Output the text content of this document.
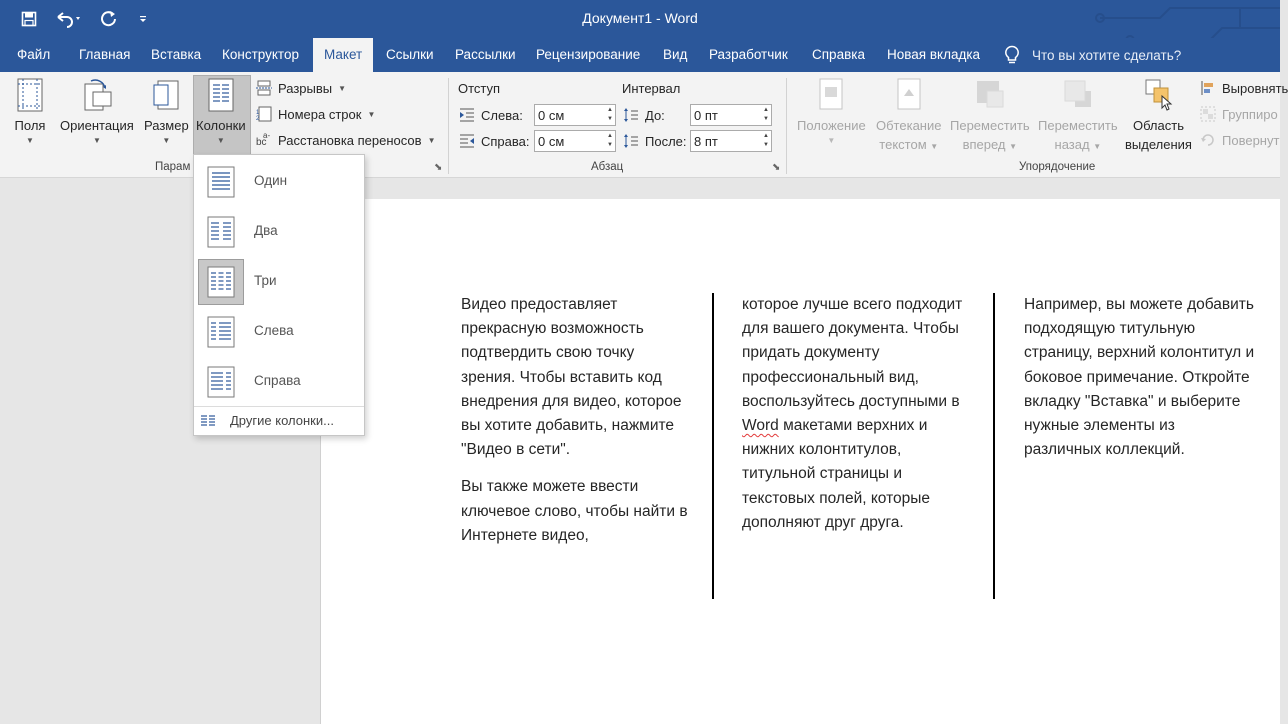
Документ1 - Word
Файл Главная Вставка Конструктор	Макет	Ссылки Рассылки Рецензирование Вид Разработчик Справка Новая вкладка	Что вы хотите сделать?
Поля
▼
Ориентация
▼
Размер
▼
Колонки
▼
Разрывы ▼
1
2 Номера строк ▼
bc
a- Расстановка переносов ▼
Парам	⬊
Отступ	Интервал
Слева: 0 см	▲
▼
Справа: 0 см	▲
▼
До: 0 пт	▲
▼
После: 8 пт	▲
▼
Абзац	⬊
Положение
▼
Обтекание
текстом ▼
Переместить
вперед ▼
Переместить
назад ▼
Область
выделения
Выровнять
Группиро
Повернут
Упорядочение

Видео предоставляет прекрасную возможность подтвердить свою точку зрения. Чтобы вставить код внедрения для видео, которое вы хотите добавить, нажмите "Видео в сети".

Вы также можете ввести ключевое слово, чтобы найти в Интернете видео,

которое лучше всего подходит для вашего документа. Чтобы придать документу профессиональный вид, воспользуйтесь доступными в Word макетами верхних и нижних колонтитулов, титульной страницы и текстовых полей, которые дополняют друг друга.

Например, вы можете добавить подходящую титульную страницу, верхний колонтитул и боковое примечание. Откройте вкладку "Вставка" и выберите нужные элементы из различных коллекций.

Один
Два
Три
Слева
Справа
Другие колонки...
